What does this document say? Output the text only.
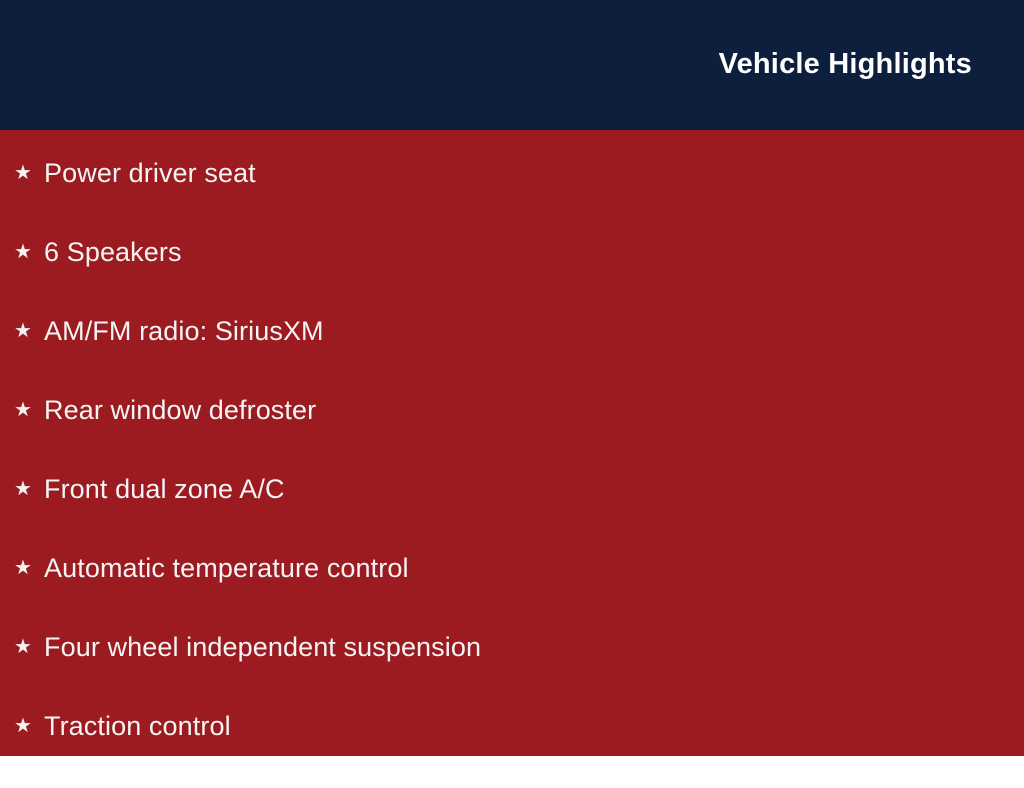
Vehicle Highlights
★ Power driver seat
★ 6 Speakers
★ AM/FM radio: SiriusXM
★ Rear window defroster
★ Front dual zone A/C
★ Automatic temperature control
★ Four wheel independent suspension
★ Traction control
